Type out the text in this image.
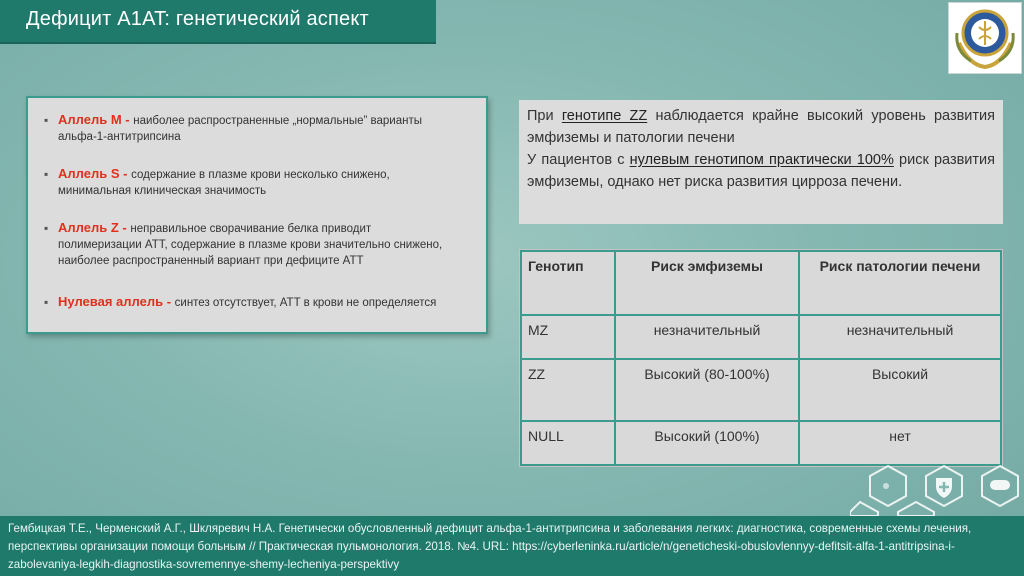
Дефицит A1AT: генетический аспект
▪ Аллель М - наиболее распространенные „нормальные” варианты
альфа-1-антитрипсина
▪ Аллель S - содержание в плазме крови несколько снижено,
минимальная клиническая значимость
▪ Аллель Z - неправильное сворачивание белка приводит
полимеризации ATT, содержание в плазме крови значительно снижено, наиболее распространенный вариант при дефиците ATT
▪ Нулевая аллель - синтез отсутствует, ATT в крови не определяется
При генотипе ZZ наблюдается крайне высокий уровень развития эмфиземы и патологии печени
У пациентов с нулевым генотипом практически 100% риск развития эмфиземы, однако нет риска развития цирроза печени.
Генотип	Риск эмфиземы	Риск патологии печени
MZ	незначительный	незначительный
ZZ	Высокий (80-100%)	Высокий
NULL	Высокий (100%)	нет
Гембицкая Т.Е., Черменский А.Г., Шкляревич Н.А. Генетически обусловленный дефицит альфа-1-антитрипсина и заболевания легких: диагностика, современные схемы лечения, перспективы организации помощи больным // Практическая пульмонология. 2018. №4. URL: https://cyberleninka.ru/article/n/geneticheski-obuslovlennyy-defitsit-alfa-1-antitripsina-i-zabolevaniya-legkih-diagnostika-sovremennye-shemy-lecheniya-perspektivy
